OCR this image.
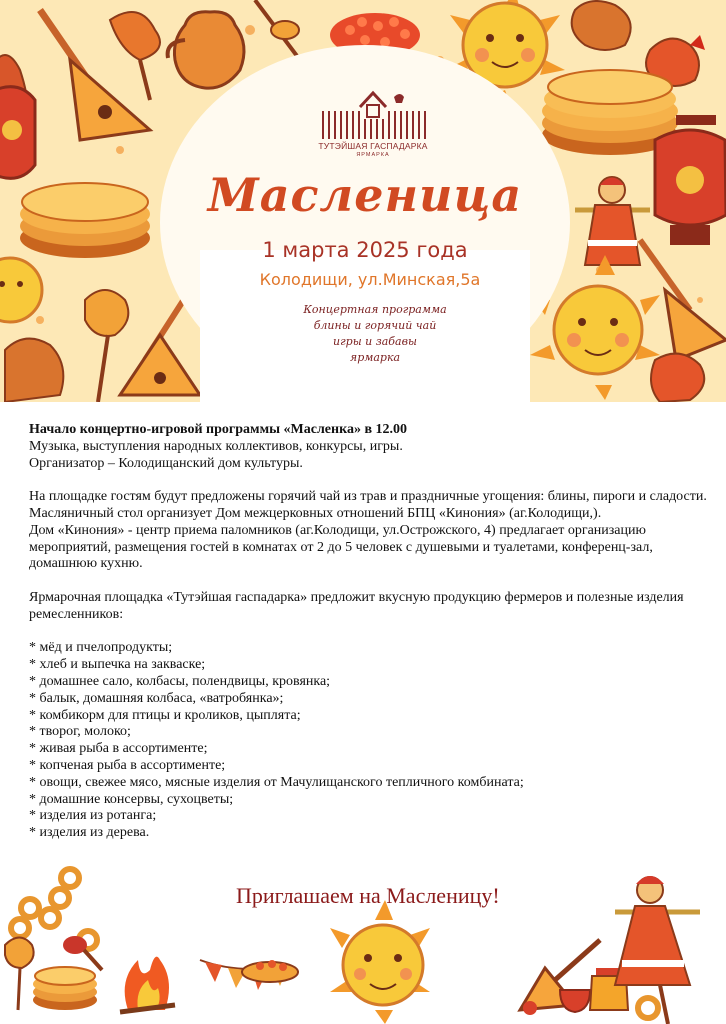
ТУТЭЙШАЯ ГАСПАДАРКА
ЯРМАРКА
Масленица
1 марта 2025 года
Колодищи, ул.Минская,5а
Концертная программа
блины и горячий чай
игры и забавы
ярмарка

Начало концертно-игровой программы «Масленка» в 12.00

Музыка, выступления народных коллективов, конкурсы, игры.

Организатор – Колодищанский дом культуры.

На площадке гостям будут предложены горячий чай из трав и праздничные угощения: блины, пироги и сладости. Масляничный стол организует Дом межцерковных отношений БПЦ «Кинония» (аг.Колодищи,).

Дом «Кинония» - центр приема паломников (аг.Колодищи, ул.Острожского, 4) предлагает организацию мероприятий, размещения гостей в комнатах от 2 до 5 человек с душевыми и туалетами, конференц-зал, домашнюю кухню.

Ярмарочная площадка «Тутэйшая гаспадарка» предложит вкусную продукцию фермеров и полезные изделия ремесленников:

* мёд и пчелопродукты;

* хлеб и выпечка на закваске;

* домашнее сало, колбасы, полендвицы, кровянка;

* балык, домашняя колбаса, «ватробянка»;

* комбикорм для птицы и кроликов, цыплята;

* творог, молоко;

* живая рыба в ассортименте;

* копченая рыба в ассортименте;

* овощи, свежее мясо, мясные изделия от Мачулищанского тепличного комбината;

* домашние консервы, сухоцветы;

* изделия из ротанга;

* изделия из дерева.

Приглашаем на Масленицу!
